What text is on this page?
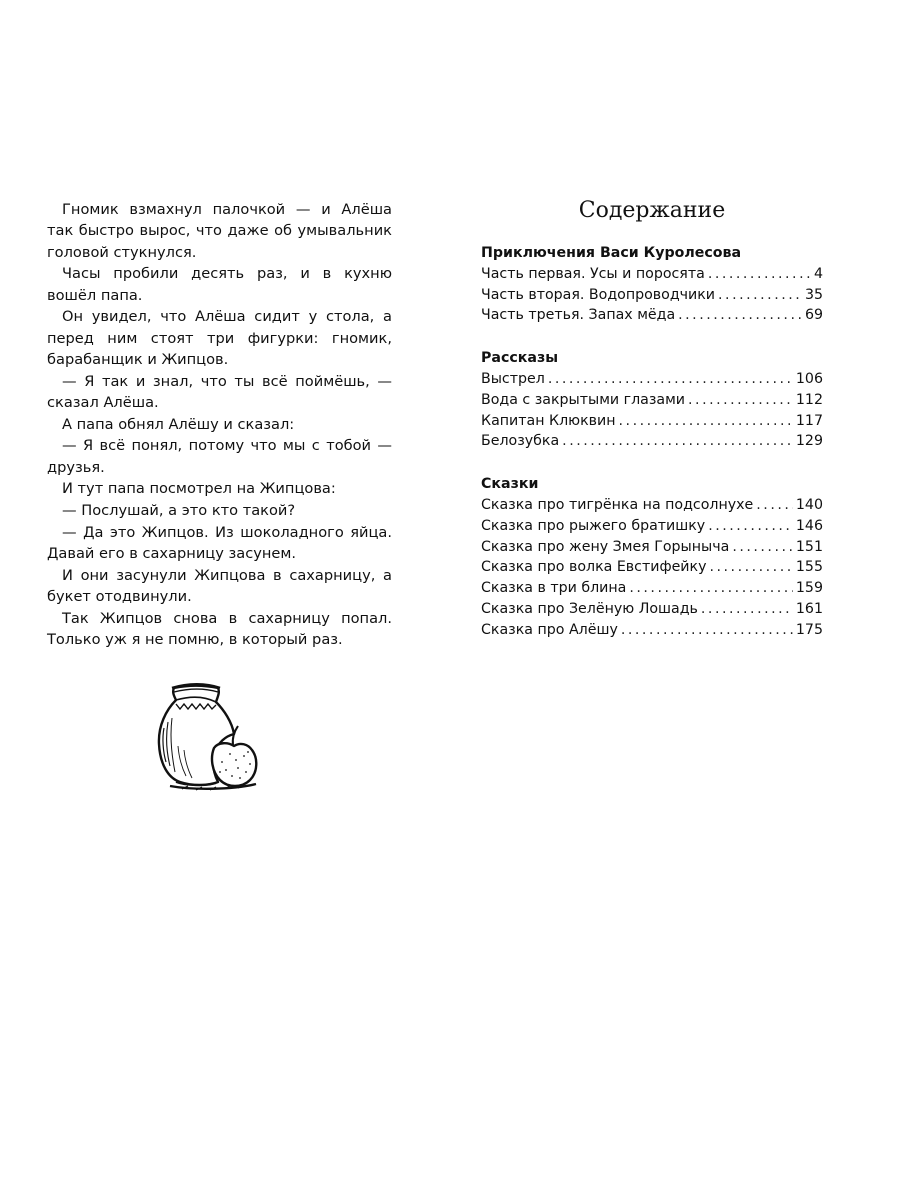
Гномик взмахнул палочкой — и Алёша так быстро вырос, что даже об умывальник головой стукнулся.

Часы пробили десять раз, и в кухню вошёл папа.

Он увидел, что Алёша сидит у стола, а перед ним стоят три фигурки: гномик, барабанщик и Жипцов.

— Я так и знал, что ты всё поймёшь, — сказал Алёша.

А папа обнял Алёшу и сказал:

— Я всё понял, потому что мы с тобой — друзья.

И тут папа посмотрел на Жипцова:

— Послушай, а это кто такой?

— Да это Жипцов. Из шоколадного яйца. Давай его в сахарницу засунем.

И они засунули Жипцова в сахарницу, а букет отодвинули.

Так Жипцов снова в сахарницу попал. Только уж я не помню, в который раз.

Содержание
Приключения Васи Куролесова
Часть первая. Усы и поросята . . .	4
Часть вторая. Водопроводчики . . .	35
Часть третья. Запах мёда . . .	69
Рассказы
Выстрел . . .	106
Вода с закрытыми глазами . . .	112
Капитан Клюквин . . .	117
Белозубка . . .	129
Сказки
Сказка про тигрёнка на подсолнухе . . .	140
Сказка про рыжего братишку . . .	146
Сказка про жену Змея Горыныча . . .	151
Сказка про волка Евстифейку . . .	155
Сказка в три блина . . .	159
Сказка про Зелёную Лошадь . . .	161
Сказка про Алёшу . . .	175
